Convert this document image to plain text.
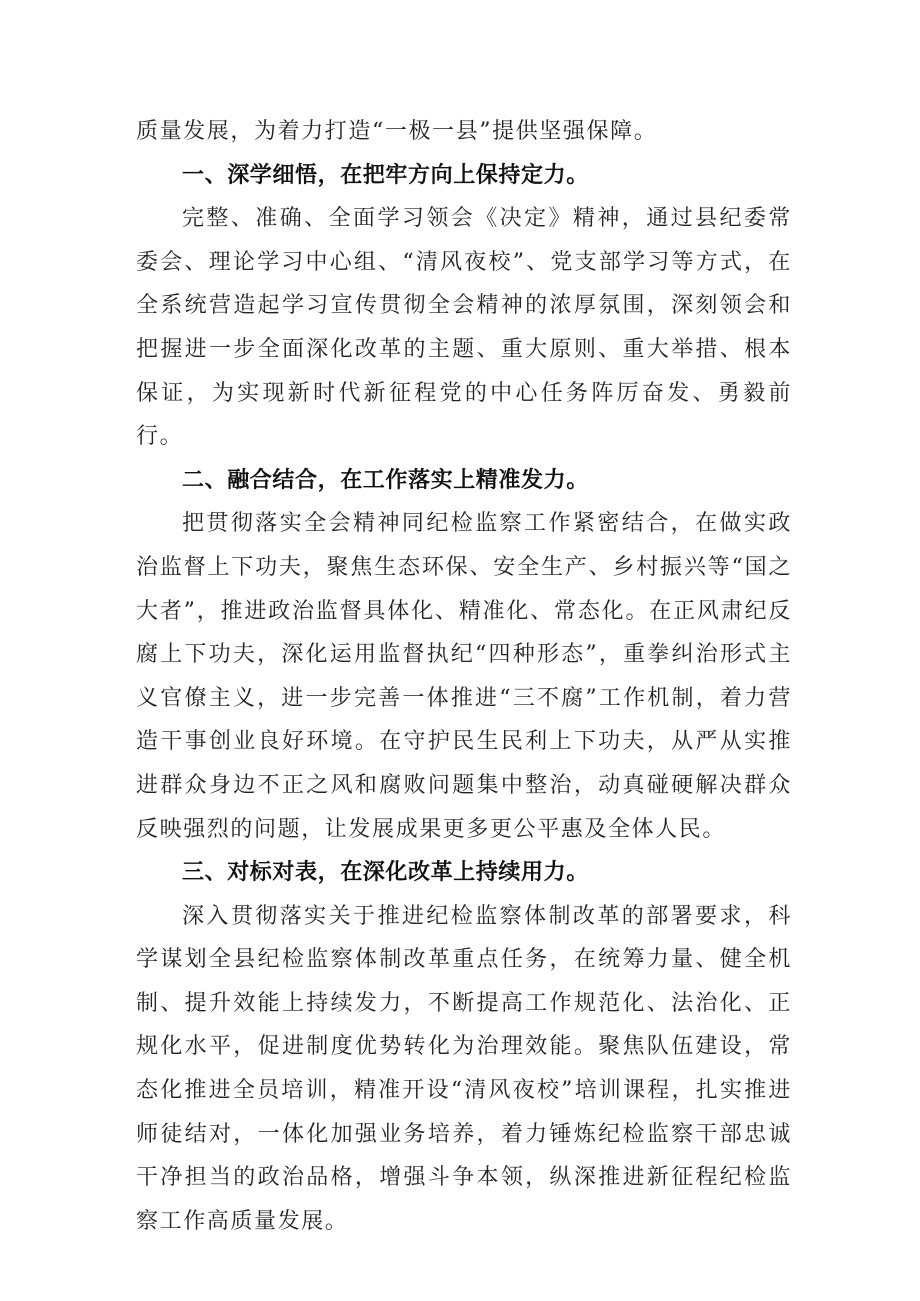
质量发展，为着力打造“一极一县”提供坚强保障。

一、深学细悟，在把牢方向上保持定力。

完整、准确、全面学习领会《决定》精神，通过县纪委常委会、理论学习中心组、“清风夜校”、党支部学习等方式，在全系统营造起学习宣传贯彻全会精神的浓厚氛围，深刻领会和把握进一步全面深化改革的主题、重大原则、重大举措、根本保证，为实现新时代新征程党的中心任务阵厉奋发、勇毅前行。

二、融合结合，在工作落实上精准发力。

把贯彻落实全会精神同纪检监察工作紧密结合，在做实政治监督上下功夫，聚焦生态环保、安全生产、乡村振兴等“国之大者”，推进政治监督具体化、精准化、常态化。在正风肃纪反腐上下功夫，深化运用监督执纪“四种形态”，重拳纠治形式主义官僚主义，进一步完善一体推进“三不腐”工作机制，着力营造干事创业良好环境。在守护民生民利上下功夫，从严从实推进群众身边不正之风和腐败问题集中整治，动真碰硬解决群众反映强烈的问题，让发展成果更多更公平惠及全体人民。

三、对标对表，在深化改革上持续用力。

深入贯彻落实关于推进纪检监察体制改革的部署要求，科学谋划全县纪检监察体制改革重点任务，在统筹力量、健全机制、提升效能上持续发力，不断提高工作规范化、法治化、正规化水平，促进制度优势转化为治理效能。聚焦队伍建设，常态化推进全员培训，精准开设“清风夜校”培训课程，扎实推进师徒结对，一体化加强业务培养，着力锤炼纪检监察干部忠诚干净担当的政治品格，增强斗争本领，纵深推进新征程纪检监察工作高质量发展。
